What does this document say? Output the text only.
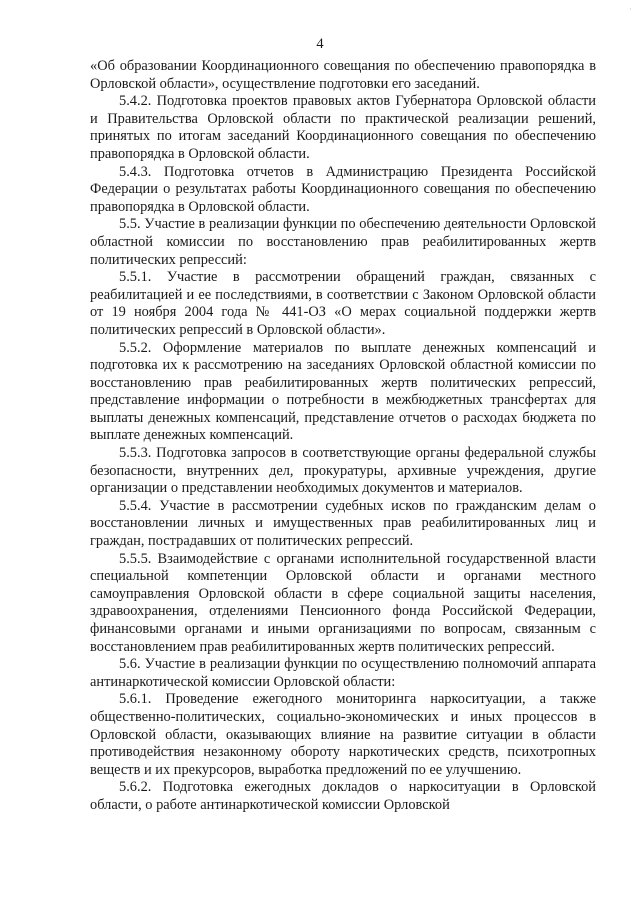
·
4

«Об образовании Координационного совещания по обеспечению правопорядка в Орловской области», осуществление подготовки его заседаний.

5.4.2. Подготовка проектов правовых актов Губернатора Орловской области и Правительства Орловской области по практической реализации решений, принятых по итогам заседаний Координационного совещания по обеспечению правопорядка в Орловской области.

5.4.3. Подготовка отчетов в Администрацию Президента Российской Федерации о результатах работы Координационного совещания по обеспечению правопорядка в Орловской области.

5.5. Участие в реализации функции по обеспечению деятельности Орловской областной комиссии по восстановлению прав реабилитированных жертв политических репрессий:

5.5.1. Участие в рассмотрении обращений граждан, связанных с реабилитацией и ее последствиями, в соответствии с Законом Орловской области от 19 ноября 2004 года № 441-ОЗ «О мерах социальной поддержки жертв политических репрессий в Орловской области».

5.5.2. Оформление материалов по выплате денежных компенсаций и подготовка их к рассмотрению на заседаниях Орловской областной комиссии по восстановлению прав реабилитированных жертв политических репрессий, представление информации о потребности в межбюджетных трансфертах для выплаты денежных компенсаций, представление отчетов о расходах бюджета по выплате денежных компенсаций.

5.5.3. Подготовка запросов в соответствующие органы федеральной службы безопасности, внутренних дел, прокуратуры, архивные учреждения, другие организации о представлении необходимых документов и материалов.

5.5.4. Участие в рассмотрении судебных исков по гражданским делам о восстановлении личных и имущественных прав реабилитированных лиц и граждан, пострадавших от политических репрессий.

5.5.5. Взаимодействие с органами исполнительной государственной власти специальной компетенции Орловской области и органами местного самоуправления Орловской области в сфере социальной защиты населения, здравоохранения, отделениями Пенсионного фонда Российской Федерации, финансовыми органами и иными организациями по вопросам, связанным с восстановлением прав реабилитированных жертв политических репрессий.

5.6. Участие в реализации функции по осуществлению полномочий аппарата антинаркотической комиссии Орловской области:

5.6.1. Проведение ежегодного мониторинга наркоситуации, а также общественно-политических, социально-экономических и иных процессов в Орловской области, оказывающих влияние на развитие ситуации в области противодействия незаконному обороту наркотических средств, психотропных веществ и их прекурсоров, выработка предложений по ее улучшению.

5.6.2. Подготовка ежегодных докладов о наркоситуации в Орловской области, о работе антинаркотической комиссии Орловской
